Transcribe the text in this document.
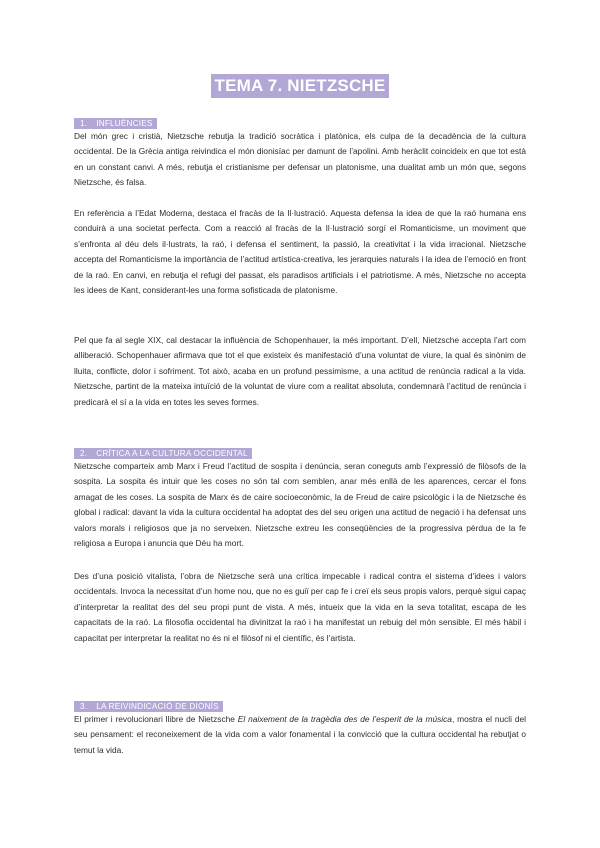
TEMA 7. NIETZSCHE
1. INFLUÈNCIES

Del món grec i cristià, Nietzsche rebutja la tradició socràtica i platònica, els culpa de la decadència de la cultura occidental. De la Grècia antiga reivindica el món dionisíac per damunt de l’apolini. Amb heràclit coincideix en que tot està en un constant canvi. A més, rebutja el cristianisme per defensar un platonisme, una dualitat amb un món que, segons Nietzsche, és falsa.

En referència a l’Edat Moderna, destaca el fracàs de la Il·lustració. Aquesta defensa la idea de que la raó humana ens conduirà a una societat perfecta. Com a reacció al fracàs de la Il·lustració sorgí el Romanticisme, un moviment que s’enfronta al déu dels il·lustrats, la raó, i defensa el sentiment, la passió, la creativitat i la vida irracional. Nietzsche accepta del Romanticisme la importància de l’actitud artística-creativa, les jerarquies naturals i la idea de l’emoció en front de la raó. En canvi, en rebutja el refugi del passat, els paradisos artificials i el patriotisme. A més, Nietzsche no accepta les idees de Kant, considerant-les una forma sofisticada de platonisme.

Pel que fa al segle XIX, cal destacar la influència de Schopenhauer, la més important. D’ell, Nietzsche accepta l’art com alliberació. Schopenhauer afirmava que tot el que existeix és manifestació d’una voluntat de viure, la qual és sinònim de lluita, conflicte, dolor i sofriment. Tot això, acaba en un profund pessimisme, a una actitud de renúncia radical a la vida. Nietzsche, partint de la mateixa intuïció de la voluntat de viure com a realitat absoluta, condemnarà l’actitud de renúncia i predicarà el sí a la vida en totes les seves formes.

2. CRÍTICA A LA CULTURA OCCIDENTAL

Nietzsche comparteix amb Marx i Freud l’actitud de sospita i denúncia, seran coneguts amb l’expressió de filòsofs de la sospita. La sospita és intuir que les coses no són tal com semblen, anar més enllà de les aparences, cercar el fons amagat de les coses. La sospita de Marx és de caire socioeconòmic, la de Freud de caire psicològic i la de Nietzsche és global i radical: davant la vida la cultura occidental ha adoptat des del seu origen una actitud de negació i ha defensat uns valors morals i religiosos que ja no serveixen. Nietzsche extreu les conseqüències de la progressiva pèrdua de la fe religiosa a Europa i anuncia que Déu ha mort.

Des d’una posició vitalista, l’obra de Nietzsche serà una crítica impecable i radical contra el sistema d’idees i valors occidentals. Invoca la necessitat d’un home nou, que no es guiï per cap fe i creï els seus propis valors, perquè sigui capaç d’interpretar la realitat des del seu propi punt de vista. A més, intueix que la vida en la seva totalitat, escapa de les capacitats de la raó. La filosofia occidental ha divinitzat la raó i ha manifestat un rebuig del món sensible. El més hàbil i capacitat per interpretar la realitat no és ni el filòsof ni el científic, és l’artista.

3. LA REIVINDICACIÓ DE DIONÍS

El primer i revolucionari llibre de Nietzsche El naixement de la tragèdia des de l’esperit de la música, mostra el nucli del seu pensament: el reconeixement de la vida com a valor fonamental i la convicció que la cultura occidental ha rebutjat o temut la vida.
